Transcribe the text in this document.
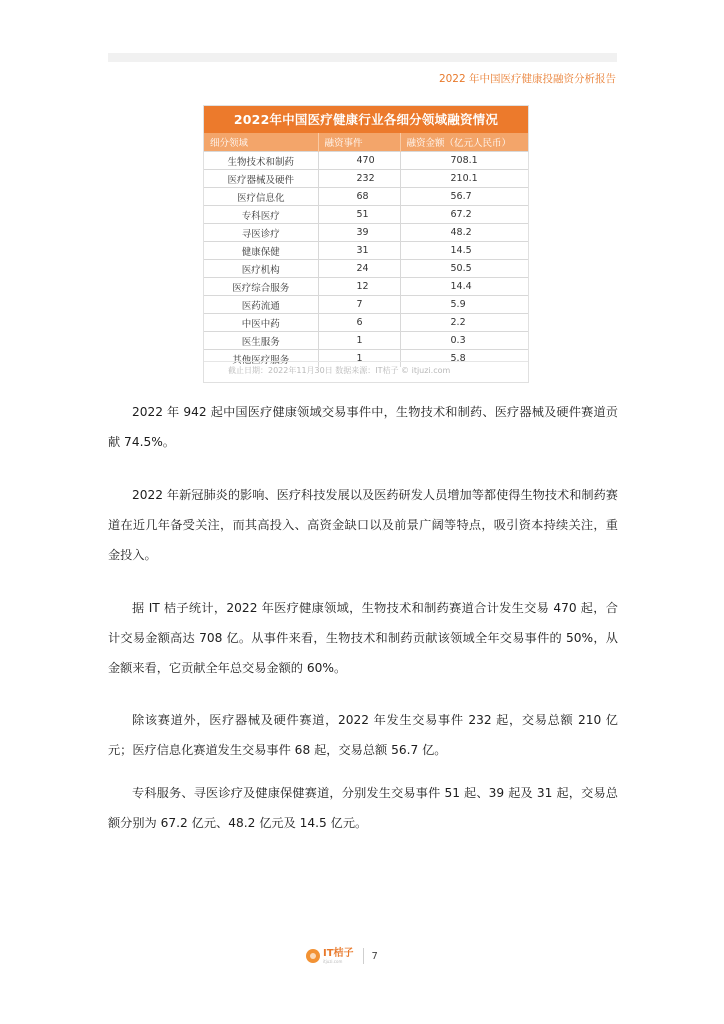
2022 年中国医疗健康投融资分析报告
2022年中国医疗健康行业各细分领域融资情况
细分领域	融资事件	融资金额（亿元人民币）
生物技术和制药	470	708.1
医疗器械及硬件	232	210.1
医疗信息化	68	56.7
专科医疗	51	67.2
寻医诊疗	39	48.2
健康保健	31	14.5
医疗机构	24	50.5
医疗综合服务	12	14.4
医药流通	7	5.9
中医中药	6	2.2
医生服务	1	0.3
其他医疗服务	1	5.8
截止日期：2022年11月30日 数据来源：IT桔子 © itjuzi.com
2022 年 942 起中国医疗健康领域交易事件中，生物技术和制药、医疗器械及硬件赛道贡献 74.5%。
2022 年新冠肺炎的影响、医疗科技发展以及医药研发人员增加等都使得生物技术和制药赛道在近几年备受关注，而其高投入、高资金缺口以及前景广阔等特点，吸引资本持续关注，重金投入。
据 IT 桔子统计，2022 年医疗健康领域，生物技术和制药赛道合计发生交易 470 起，合计交易金额高达 708 亿。从事件来看，生物技术和制药贡献该领域全年交易事件的 50%，从金额来看，它贡献全年总交易金额的 60%。
除该赛道外，医疗器械及硬件赛道，2022 年发生交易事件 232 起，交易总额 210 亿元；医疗信息化赛道发生交易事件 68 起，交易总额 56.7 亿。
专科服务、寻医诊疗及健康保健赛道，分别发生交易事件 51 起、39 起及 31 起，交易总额分别为 67.2 亿元、48.2 亿元及 14.5 亿元。
IT桔子
itjuzi.com	7
